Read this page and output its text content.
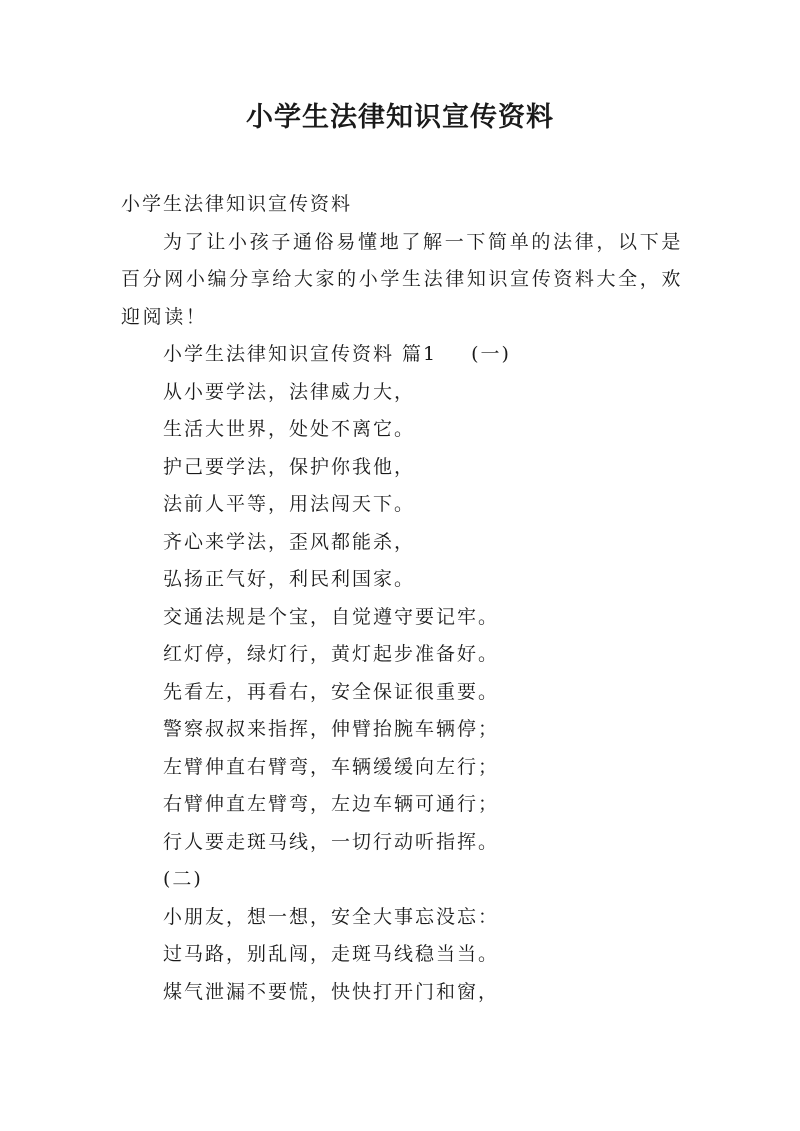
小学生法律知识宣传资料

小学生法律知识宣传资料

为了让小孩子通俗易懂地了解一下简单的法律，以下是百分网小编分享给大家的小学生法律知识宣传资料大全，欢迎阅读！

小学生法律知识宣传资料 篇1 (一)

从小要学法，法律威力大，

生活大世界，处处不离它。

护己要学法，保护你我他，

法前人平等，用法闯天下。

齐心来学法，歪风都能杀，

弘扬正气好，利民利国家。

交通法规是个宝，自觉遵守要记牢。

红灯停，绿灯行，黄灯起步准备好。

先看左，再看右，安全保证很重要。

警察叔叔来指挥，伸臂抬腕车辆停；

左臂伸直右臂弯，车辆缓缓向左行；

右臂伸直左臂弯，左边车辆可通行；

行人要走斑马线，一切行动听指挥。

(二)

小朋友，想一想，安全大事忘没忘：

过马路，别乱闯，走斑马线稳当当。

煤气泄漏不要慌，快快打开门和窗，
